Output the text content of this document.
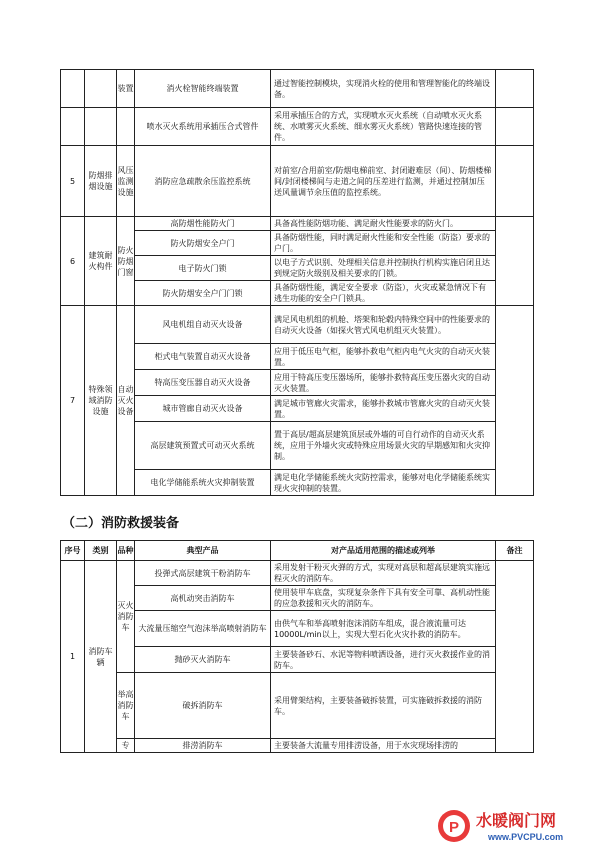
		装置	消火栓智能终端装置	通过智能控制模块，实现消火栓的使用和管理智能化的终端设备。	
			喷水灭火系统用承插压合式管件	采用承插压合的方式，实现喷水灭火系统（自动喷水灭火系统、水喷雾灭火系统、细水雾灭火系统）管路快速连接的管件。	
5	防烟排烟设施	风压监测设施	消防应急疏散余压监控系统	对前室/合用前室/防烟电梯前室、封闭避难层（间）、防烟楼梯间/封闭楼梯间与走道之间的压差进行监测，并通过控制加压送风量调节余压值的监控系统。	
6	建筑耐火构件	防火防烟门窗	高防烟性能防火门	具备高性能防烟功能、满足耐火性能要求的防火门。	
			防火防烟安全户门	具备防烟性能，同时满足耐火性能和安全性能（防盗）要求的户门。	
			电子防火门锁	以电子方式识别、处理相关信息并控制执行机构实施启闭且达到规定防火级别及相关要求的门锁。	
			防火防烟安全户门门锁	具备防烟性能，满足安全要求（防盗），火灾或紧急情况下有逃生功能的安全户门锁具。	
7	特殊领域消防设施	自动灭火设备	风电机组自动灭火设备	满足风电机组的机舱、塔架和轮毂内特殊空间中的性能要求的自动灭火设备（如探火管式风电机组灭火装置）。	
			柜式电气装置自动灭火设备	应用于低压电气柜，能够扑救电气柜内电气火灾的自动灭火装置。	
			特高压变压器自动灭火设备	应用于特高压变压器场所，能够扑救特高压变压器火灾的自动灭火装置。	
			城市管廊自动灭火设备	满足城市管廊火灾需求，能够扑救城市管廊火灾的自动灭火装置。	
			高层建筑预置式可动灭火系统	置于高层/超高层建筑顶层或外墙的可自行动作的自动灭火系统，应用于外墙火灾或特殊应用场景火灾的早期感知和火灾抑制。	
			电化学储能系统火灾抑制装置	满足电化学储能系统火灾防控需求，能够对电化学储能系统实现火灾抑制的装置。	
（二）消防救援装备
序号	类别	品种	典型产品	对产品适用范围的描述或列举	备注
1	消防车辆	灭火消防车	投弹式高层建筑干粉消防车	采用发射干粉灭火弹的方式，实现对高层和超高层建筑实施远程灭火的消防车。	
			高机动突击消防车	使用装甲车底盘，实现复杂条件下具有安全可靠、高机动性能的应急救援和灭火的消防车。	
			大流量压缩空气泡沫举高喷射消防车	由供气车和举高喷射泡沫消防车组成，混合液流量可达10000L/min以上，实现大型石化火灾扑救的消防车。	
			抛砂灭火消防车	主要装备砂石、水泥等物料喷洒设备，进行灭火救援作业的消防车。	
		举高消防车	破拆消防车	采用臂架结构，主要装备破拆装置，可实施破拆救援的消防车。	
		专	排涝消防车	主要装备大流量专用排涝设备，用于水灾现场排涝的	
P 水暖阀门网
www.PVCPU.com
